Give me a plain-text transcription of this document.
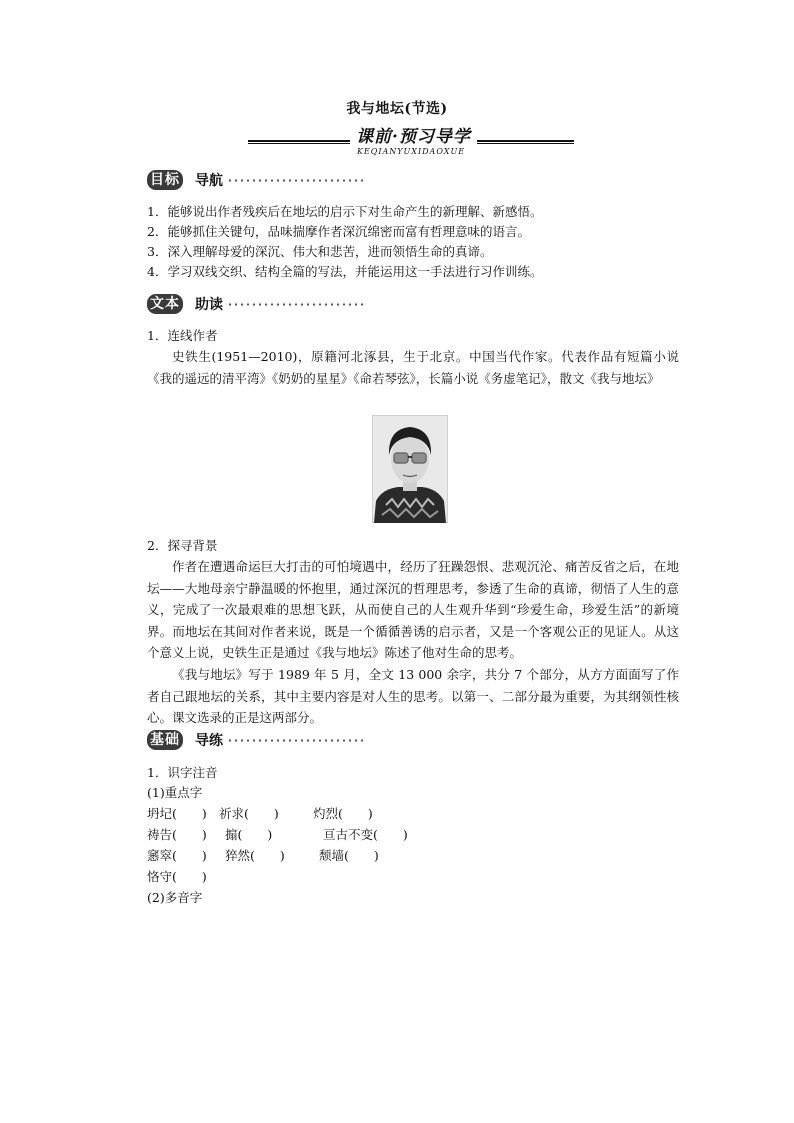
我与地坛(节选)
课前·预习导学
KEQIANYUXIDAOXUE
目标 导航
1．能够说出作者残疾后在地坛的启示下对生命产生的新理解、新感悟。
2．能够抓住关键句，品味揣摩作者深沉绵密而富有哲理意味的语言。
3．深入理解母爱的深沉、伟大和悲苦，进而领悟生命的真谛。
4．学习双线交织、结构全篇的写法，并能运用这一手法进行习作训练。
文本 助读
1．连线作者
史铁生(1951—2010)，原籍河北涿县，生于北京。中国当代作家。代表作品有短篇小说《我的遥远的清平湾》《奶奶的星星》《命若琴弦》，长篇小说《务虚笔记》，散文《我与地坛》
2．探寻背景
作者在遭遇命运巨大打击的可怕境遇中，经历了狂躁怨恨、悲观沉沦、痛苦反省之后，在地坛——大地母亲宁静温暖的怀抱里，通过深沉的哲理思考，参透了生命的真谛，彻悟了人生的意义，完成了一次最艰难的思想飞跃，从而使自己的人生观升华到“珍爱生命，珍爱生活”的新境界。而地坛在其间对作者来说，既是一个循循善诱的启示者，又是一个客观公正的见证人。从这个意义上说，史铁生正是通过《我与地坛》陈述了他对生命的思考。
《我与地坛》写于 1989 年 5 月，全文 13 000 余字，共分 7 个部分，从方方面面写了作者自己跟地坛的关系，其中主要内容是对人生的思考。以第一、二部分最为重要，为其纲领性核心。课文选录的正是这两部分。
基础 导练
1．识字注音
(1)重点字
坍圮(　　) 祈求(　　)	灼烈(　　)
祷告(　　) 搧(　　)	亘古不变(　　)
窸窣(　　) 猝然(　　)	颓墙(　　)
恪守(　　)
(2)多音字
